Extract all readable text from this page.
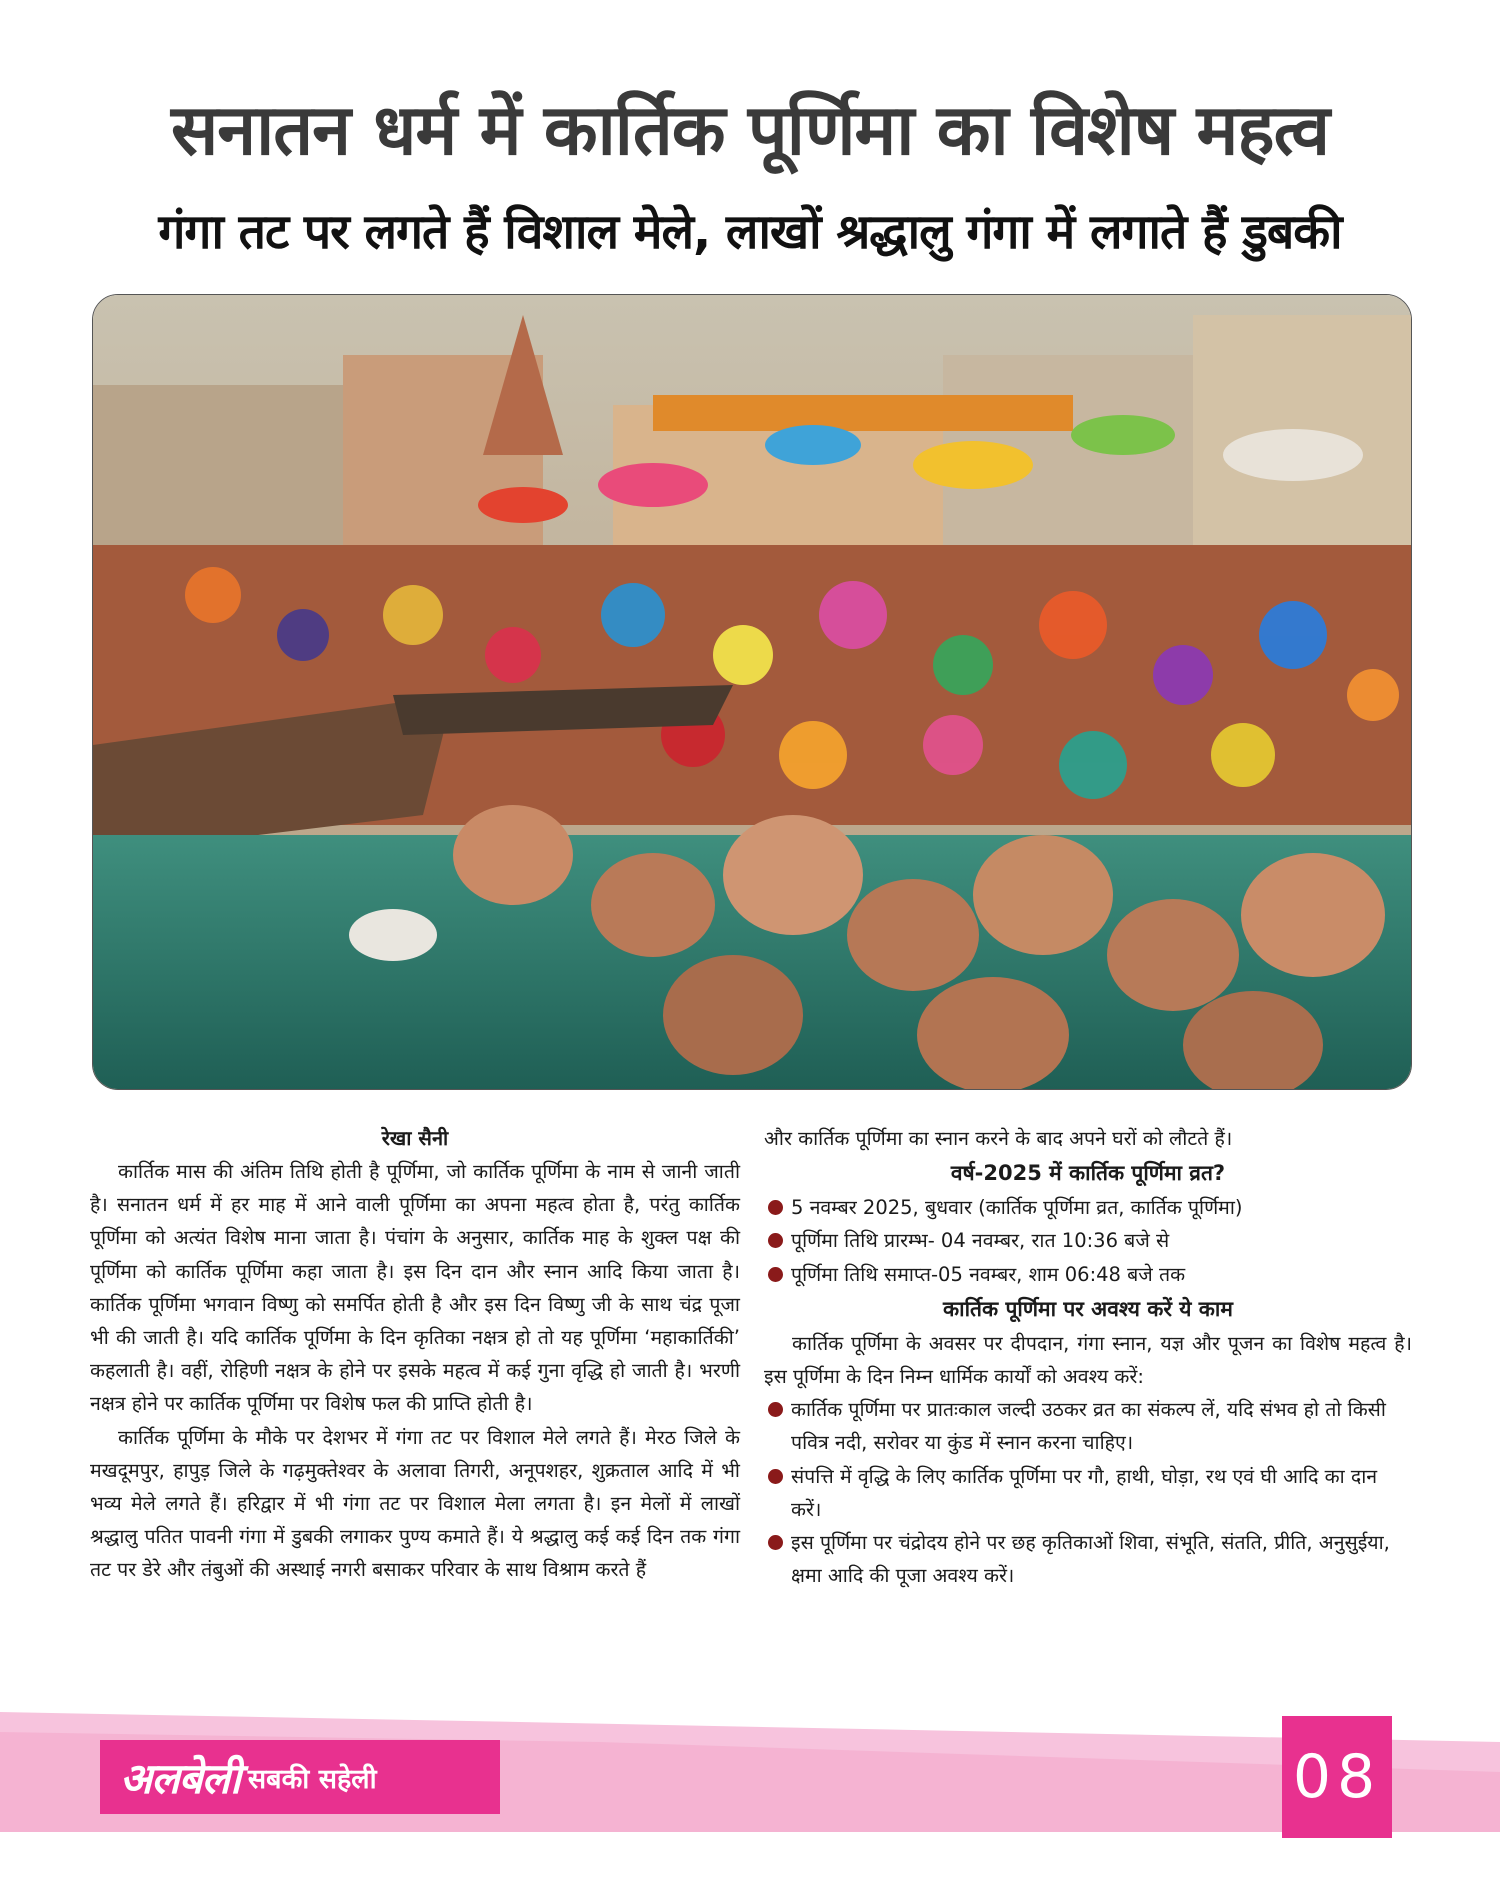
सनातन धर्म में कार्तिक पूर्णिमा का विशेष महत्व
गंगा तट पर लगते हैं विशाल मेले, लाखों श्रद्धालु गंगा में लगाते हैं डुबकी

रेखा सैनी

कार्तिक मास की अंतिम तिथि होती है पूर्णिमा, जो कार्तिक पूर्णिमा के नाम से जानी जाती है। सनातन धर्म में हर माह में आने वाली पूर्णिमा का अपना महत्व होता है, परंतु कार्तिक पूर्णिमा को अत्यंत विशेष माना जाता है। पंचांग के अनुसार, कार्तिक माह के शुक्ल पक्ष की पूर्णिमा को कार्तिक पूर्णिमा कहा जाता है। इस दिन दान और स्नान आदि किया जाता है। कार्तिक पूर्णिमा भगवान विष्णु को समर्पित होती है और इस दिन विष्णु जी के साथ चंद्र पूजा भी की जाती है। यदि कार्तिक पूर्णिमा के दिन कृतिका नक्षत्र हो तो यह पूर्णिमा ‘महाकार्तिकी’ कहलाती है। वहीं, रोहिणी नक्षत्र के होने पर इसके महत्व में कई गुना वृद्धि हो जाती है। भरणी नक्षत्र होने पर कार्तिक पूर्णिमा पर विशेष फल की प्राप्ति होती है।

कार्तिक पूर्णिमा के मौके पर देशभर में गंगा तट पर विशाल मेले लगते हैं। मेरठ जिले के मखदूमपुर, हापुड़ जिले के गढ़मुक्तेश्वर के अलावा तिगरी, अनूपशहर, शुक्रताल आदि में भी भव्य मेले लगते हैं। हरिद्वार में भी गंगा तट पर विशाल मेला लगता है। इन मेलों में लाखों श्रद्धालु पतित पावनी गंगा में डुबकी लगाकर पुण्य कमाते हैं। ये श्रद्धालु कई कई दिन तक गंगा तट पर डेरे और तंबुओं की अस्थाई नगरी बसाकर परिवार के साथ विश्राम करते हैं

और कार्तिक पूर्णिमा का स्नान करने के बाद अपने घरों को लौटते हैं।

वर्ष-2025 में कार्तिक पूर्णिमा व्रत?

5 नवम्बर 2025, बुधवार (कार्तिक पूर्णिमा व्रत, कार्तिक पूर्णिमा)
पूर्णिमा तिथि प्रारम्भ- 04 नवम्बर, रात 10:36 बजे से
पूर्णिमा तिथि समाप्त-05 नवम्बर, शाम 06:48 बजे तक

कार्तिक पूर्णिमा पर अवश्य करें ये काम

कार्तिक पूर्णिमा के अवसर पर दीपदान, गंगा स्नान, यज्ञ और पूजन का विशेष महत्व है। इस पूर्णिमा के दिन निम्न धार्मिक कार्यों को अवश्य करें:

कार्तिक पूर्णिमा पर प्रातःकाल जल्दी उठकर व्रत का संकल्प लें, यदि संभव हो तो किसी पवित्र नदी, सरोवर या कुंड में स्नान करना चाहिए।
संपत्ति में वृद्धि के लिए कार्तिक पूर्णिमा पर गौ, हाथी, घोड़ा, रथ एवं घी आदि का दान करें।
इस पूर्णिमा पर चंद्रोदय होने पर छह कृतिकाओं शिवा, संभूति, संतति, प्रीति, अनुसुईया, क्षमा आदि की पूजा अवश्य करें।
अलबेली सबकी सहेली	08
